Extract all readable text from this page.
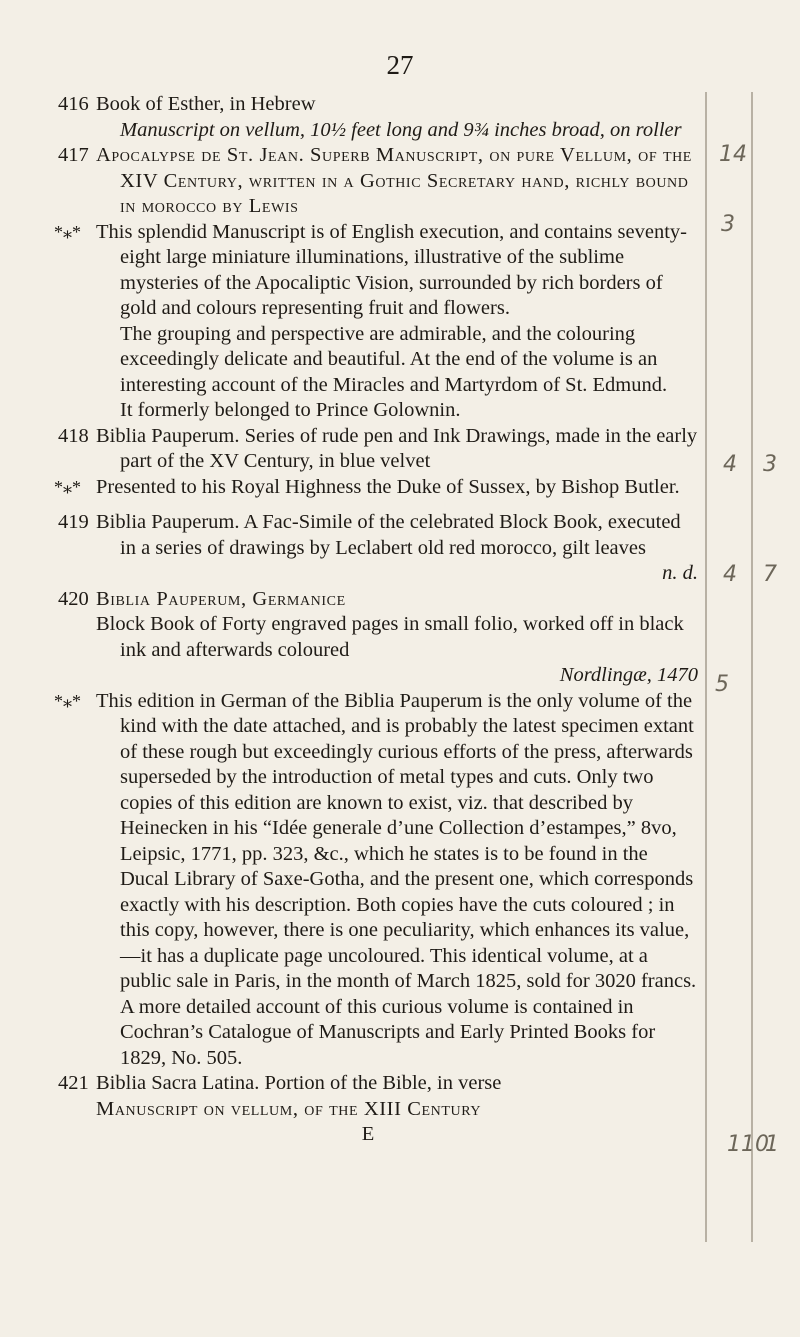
27
416 Book of Esther, in Hebrew

Manuscript on vellum, 10½ feet long and 9¾ inches broad, on roller

417 Apocalypse de St. Jean. Superb Manuscript, on pure Vellum, of the XIV Century, written in a Gothic Secretary hand, richly bound in morocco by Lewis

*⁎* This splendid Manuscript is of English execution, and contains seventy-eight large miniature illuminations, illustrative of the sublime mysteries of the Apocaliptic Vision, surrounded by rich borders of gold and colours representing fruit and flowers.

The grouping and perspective are admirable, and the colouring exceedingly delicate and beautiful. At the end of the volume is an interesting account of the Miracles and Martyrdom of St. Edmund.

It formerly belonged to Prince Golownin.

418 Biblia Pauperum. Series of rude pen and Ink Drawings, made in the early part of the XV Century, in blue velvet

*⁎* Presented to his Royal Highness the Duke of Sussex, by Bishop Butler.

419 Biblia Pauperum. A Fac-Simile of the celebrated Block Book, executed in a series of drawings by Leclabert old red morocco, gilt leaves

n. d.

420 Biblia Pauperum, Germanice

Block Book of Forty engraved pages in small folio, worked off in black ink and afterwards coloured

Nordlingæ, 1470

*⁎* This edition in German of the Biblia Pauperum is the only volume of the kind with the date attached, and is probably the latest specimen extant of these rough but exceedingly curious efforts of the press, afterwards superseded by the introduction of metal types and cuts. Only two copies of this edition are known to exist, viz. that described by Heinecken in his “Idée generale d’une Collection d’estampes,” 8vo, Leipsic, 1771, pp. 323, &c., which he states is to be found in the Ducal Library of Saxe-Gotha, and the present one, which corresponds exactly with his description. Both copies have the cuts coloured ; in this copy, however, there is one peculiarity, which enhances its value,—it has a duplicate page uncoloured. This identical volume, at a public sale in Paris, in the month of March 1825, sold for 3020 francs.

A more detailed account of this curious volume is contained in Cochran’s Catalogue of Manuscripts and Early Printed Books for 1829, No. 505.

421 Biblia Sacra Latina. Portion of the Bible, in verse

Manuscript on vellum, of the XIII Century

E

14
3
4 3
4 7
5
110
1
